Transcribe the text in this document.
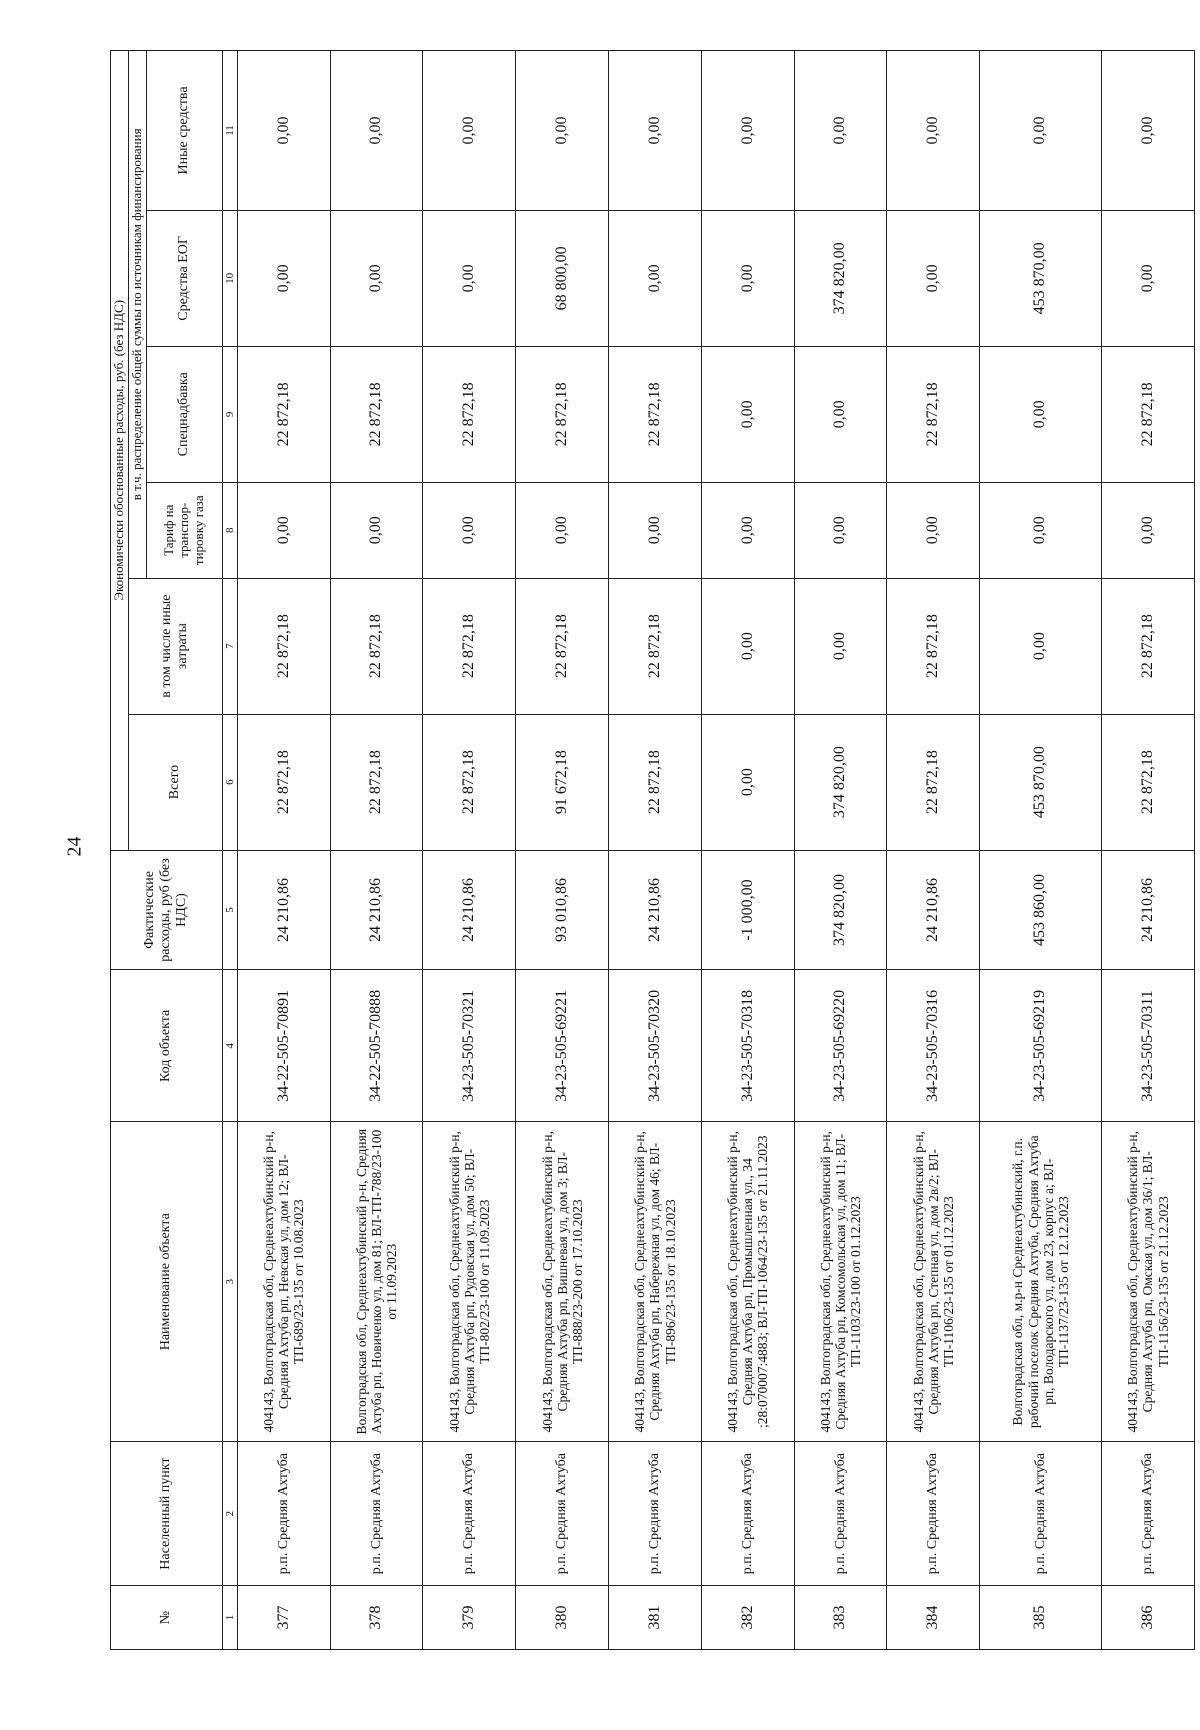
24
№	Населенный пункт	Наименование объекта	Код объекта	Фактические расходы, руб (без НДС)	Экономически обоснованные расходы, руб. (без НДС)					
					Всего	в том числе иные затраты	в т.ч. распределение общей суммы по источникам финансирования			
							Тариф на транспор-тировку газа	Спецнадбавка	Средства ЕОГ	Иные средства
1	2	3	4	5	6	7	8	9	10	11
377	р.п. Средняя Ахтуба	404143, Волгоградская обл, Среднеахтубинский р-н, Средняя Ахтуба рп, Невская ул, дом 12; ВЛ-ТП-689/23-135 от 10.08.2023	34-22-505-70891	24 210,86	22 872,18	22 872,18	0,00	22 872,18	0,00	0,00
378	р.п. Средняя Ахтуба	Волгоградская обл, Среднеахтубинский р-н, Средняя Ахтуба рп, Новиченко ул, дом 81; ВЛ-ТП-788/23-100 от 11.09.2023	34-22-505-70888	24 210,86	22 872,18	22 872,18	0,00	22 872,18	0,00	0,00
379	р.п. Средняя Ахтуба	404143, Волгоградская обл, Среднеахтубинский р-н, Средняя Ахтуба рп, Рудовская ул, дом 50; ВЛ-ТП-802/23-100 от 11.09.2023	34-23-505-70321	24 210,86	22 872,18	22 872,18	0,00	22 872,18	0,00	0,00
380	р.п. Средняя Ахтуба	404143, Волгоградская обл, Среднеахтубинский р-н, Средняя Ахтуба рп, Вишневая ул, дом 3; ВЛ-ТП-888/23-200 от 17.10.2023	34-23-505-69221	93 010,86	91 672,18	22 872,18	0,00	22 872,18	68 800,00	0,00
381	р.п. Средняя Ахтуба	404143, Волгоградская обл, Среднеахтубинский р-н, Средняя Ахтуба рп, Набережная ул, дом 46; ВЛ-ТП-896/23-135 от 18.10.2023	34-23-505-70320	24 210,86	22 872,18	22 872,18	0,00	22 872,18	0,00	0,00
382	р.п. Средняя Ахтуба	404143, Волгоградская обл, Среднеахтубинский р-н, Средняя Ахтуба рп, Промышленная ул., 34 ;28:070007:4883; ВЛ-ТП-1064/23-135 от 21.11.2023	34-23-505-70318	-1 000,00	0,00	0,00	0,00	0,00	0,00	0,00
383	р.п. Средняя Ахтуба	404143, Волгоградская обл, Среднеахтубинский р-н, Средняя Ахтуба рп, Комсомольская ул, дом 11; ВЛ-ТП-1103/23-100 от 01.12.2023	34-23-505-69220	374 820,00	374 820,00	0,00	0,00	0,00	374 820,00	0,00
384	р.п. Средняя Ахтуба	404143, Волгоградская обл, Среднеахтубинский р-н, Средняя Ахтуба рп, Степная ул, дом 2в/2; ВЛ-ТП-1106/23-135 от 01.12.2023	34-23-505-70316	24 210,86	22 872,18	22 872,18	0,00	22 872,18	0,00	0,00
385	р.п. Средняя Ахтуба	Волгоградская обл, м.р-н Среднеахтубинский, г.п. рабочий поселок Средняя Ахтуба, Средняя Ахтуба рп, Володарского ул, дом 23, корпус а; ВЛ-ТП-1137/23-135 от 12.12.2023	34-23-505-69219	453 860,00	453 870,00	0,00	0,00	0,00	453 870,00	0,00
386	р.п. Средняя Ахтуба	404143, Волгоградская обл, Среднеахтубинский р-н, Средняя Ахтуба рп, Омская ул, дом 36/1; ВЛ-ТП-1156/23-135 от 21.12.2023	34-23-505-70311	24 210,86	22 872,18	22 872,18	0,00	22 872,18	0,00	0,00
